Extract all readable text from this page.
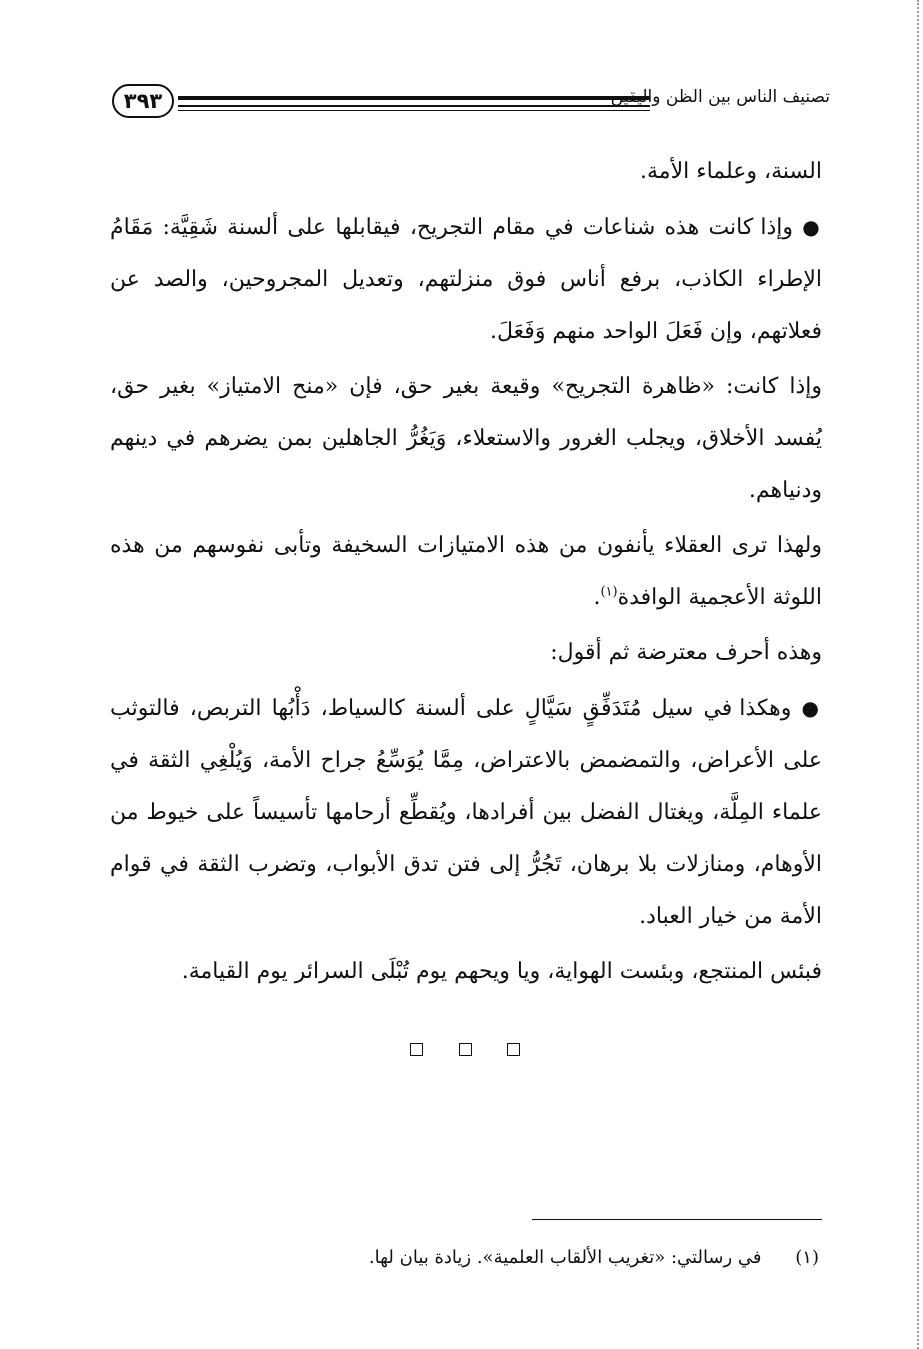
٣٩٣	تصنيف الناس بين الظن واليقين

السنة، وعلماء الأمة.

● وإذا كانت هذه شناعات في مقام التجريح، فيقابلها على ألسنة شَقِيَّة: مَقَامُ الإطراء الكاذب، برفع أناس فوق منزلتهم، وتعديل المجروحين، والصد عن فعلاتهم، وإن فَعَلَ الواحد منهم وَفَعَلَ.

وإذا كانت: «ظاهرة التجريح» وقيعة بغير حق، فإن «منح الامتياز» بغير حق، يُفسد الأخلاق، ويجلب الغرور والاستعلاء، وَيَغُرُّ الجاهلين بمن يضرهم في دينهم ودنياهم.

ولهذا ترى العقلاء يأنفون من هذه الامتيازات السخيفة وتأبى نفوسهم من هذه اللوثة الأعجمية الوافدة$^{(١)}$.

وهذه أحرف معترضة ثم أقول:

● وهكذا في سيل مُتَدَفِّقٍ سَيَّالٍ على ألسنة كالسياط، دَأْبُها التربص، فالتوثب على الأعراض، والتمضمض بالاعتراض، مِمَّا يُوَسِّعُ جراح الأمة، وَيُلْغِي الثقة في علماء المِلَّة، ويغتال الفضل بين أفرادها، ويُقطِّع أرحامها تأسيساً على خيوط من الأوهام، ومنازلات بلا برهان، تَجُرُّ إلى فتن تدق الأبواب، وتضرب الثقة في قوام الأمة من خيار العباد.

فبئس المنتجع، وبئست الهواية، ويا ويحهم يوم تُبْلَى السرائر يوم القيامة.

(١) في رسالتي: «تغريب الألقاب العلمية». زيادة بيان لها.
